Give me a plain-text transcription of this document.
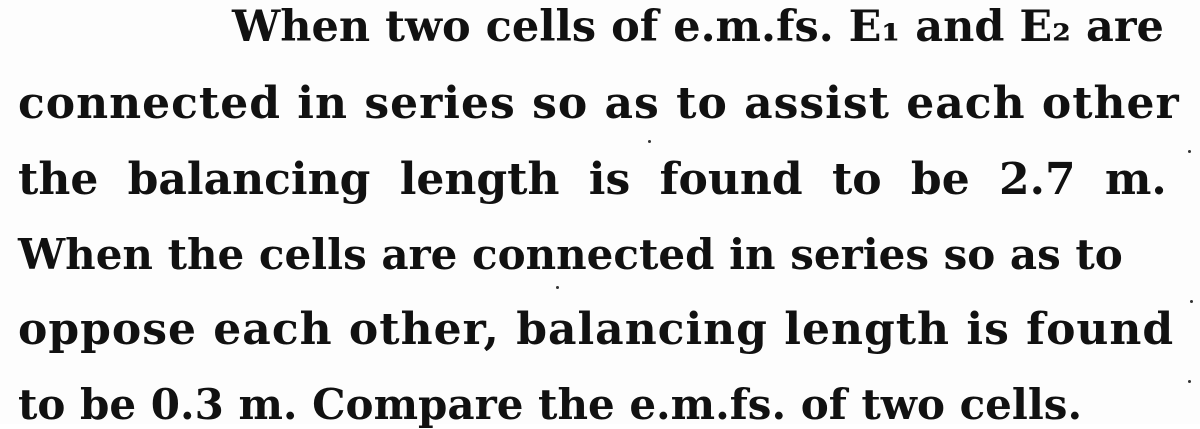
When two cells of e.m.fs. E₁ and E₂ are
connected in series so as to assist each other
the balancing length is found to be 2.7 m.
When the cells are connected in series so as to
oppose each other, balancing length is found
to be 0.3 m. Compare the e.m.fs. of two cells.
